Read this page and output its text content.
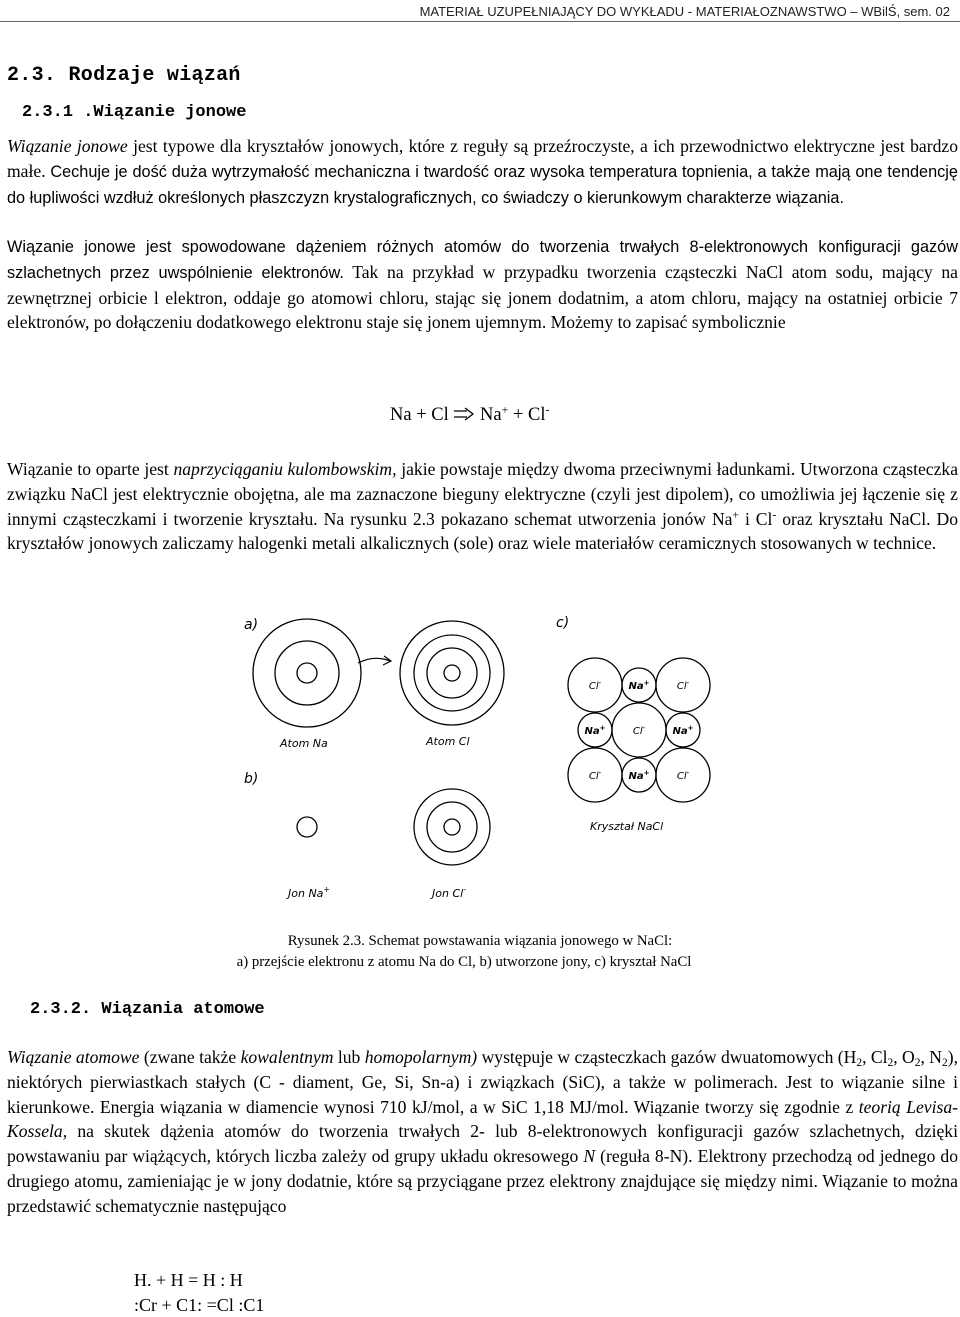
MATERIAŁ UZUPEŁNIAJĄCY DO WYKŁADU - MATERIAŁOZNAWSTWO – WBilŚ, sem. 02
2.3. Rodzaje wiązań
2.3.1 .Wiązanie jonowe

Wiązanie jonowe jest typowe dla kryształów jonowych, które z reguły są przeźroczyste, a ich przewodnictwo elektryczne jest bardzo małe. Cechuje je dość duża wytrzymałość mechaniczna i twardość oraz wysoka temperatura topnienia, a także mają one tendencję do łupliwości wzdłuż określonych płaszczyzn krystalograficznych, co świadczy o kierunkowym charakterze wiązania.

Wiązanie jonowe jest spowodowane dążeniem różnych atomów do tworzenia trwałych 8-elektronowych konfiguracji gazów szlachetnych przez uwspólnienie elektronów. Tak na przykład w przypadku tworzenia cząsteczki NaCl atom sodu, mający na zewnętrznej orbicie l elektron, oddaje go atomowi chloru, stając się jonem dodatnim, a atom chloru, mający na ostatniej orbicie 7 elektronów, po dołączeniu dodatkowego elektronu staje się jonem ujemnym. Możemy to zapisać symbolicznie

Na + Cl Na+ + Cl-

Wiązanie to oparte jest naprzyciąganiu kulombowskim, jakie powstaje między dwoma przeciwnymi ładunkami. Utworzona cząsteczka związku NaCl jest elektrycznie obojętna, ale ma zaznaczone bieguny elektryczne (czyli jest dipolem), co umożliwia jej łączenie się z innymi cząsteczkami i tworzenie kryształu. Na rysunku 2.3 pokazano schemat utworzenia jonów Na+ i Cl- oraz kryształu NaCl. Do kryształów jonowych zaliczamy halogenki metali alkalicznych (sole) oraz wiele materiałów ceramicznych stosowanych w technice.

a)
Atom Na	Atom Cl
b)
Jon Na+	Jon Cl-
c)
Cl-	Na+	Cl-
Na+	Cl-	Na+
Cl-	Na+	Cl-
Kryształ NaCl
Rysunek 2.3. Schemat powstawania wiązania jonowego w NaCl:
a) przejście elektronu z atomu Na do Cl, b) utworzone jony, c) kryształ NaCl
2.3.2. Wiązania atomowe

Wiązanie atomowe (zwane także kowalentnym lub homopolarnym) występuje w cząsteczkach gazów dwuatomowych ($H_2$, $Cl_2$, $O_2$, $N_2$), niektórych pierwiastkach stałych (C - diament, Ge, Si, Sn-a) i związkach (SiC), a także w polimerach. Jest to wiązanie silne i kierunkowe. Energia wiązania w diamencie wynosi 710 kJ/mol, a w SiC 1,18 MJ/mol. Wiązanie tworzy się zgodnie z teorią Levisa-Kossela, na skutek dążenia atomów do tworzenia trwałych 2- lub 8-elektronowych konfiguracji gazów szlachetnych, dzięki powstawaniu par wiążących, których liczba zależy od grupy układu okresowego N (reguła 8-N). Elektrony przechodzą od jednego do drugiego atomu, zamieniając je w jony dodatnie, które są przyciągane przez elektrony znajdujące się między nimi. Wiązanie to można przedstawić schematycznie następująco

H. + H = H : H
:Cr + C1: =Cl :C1
